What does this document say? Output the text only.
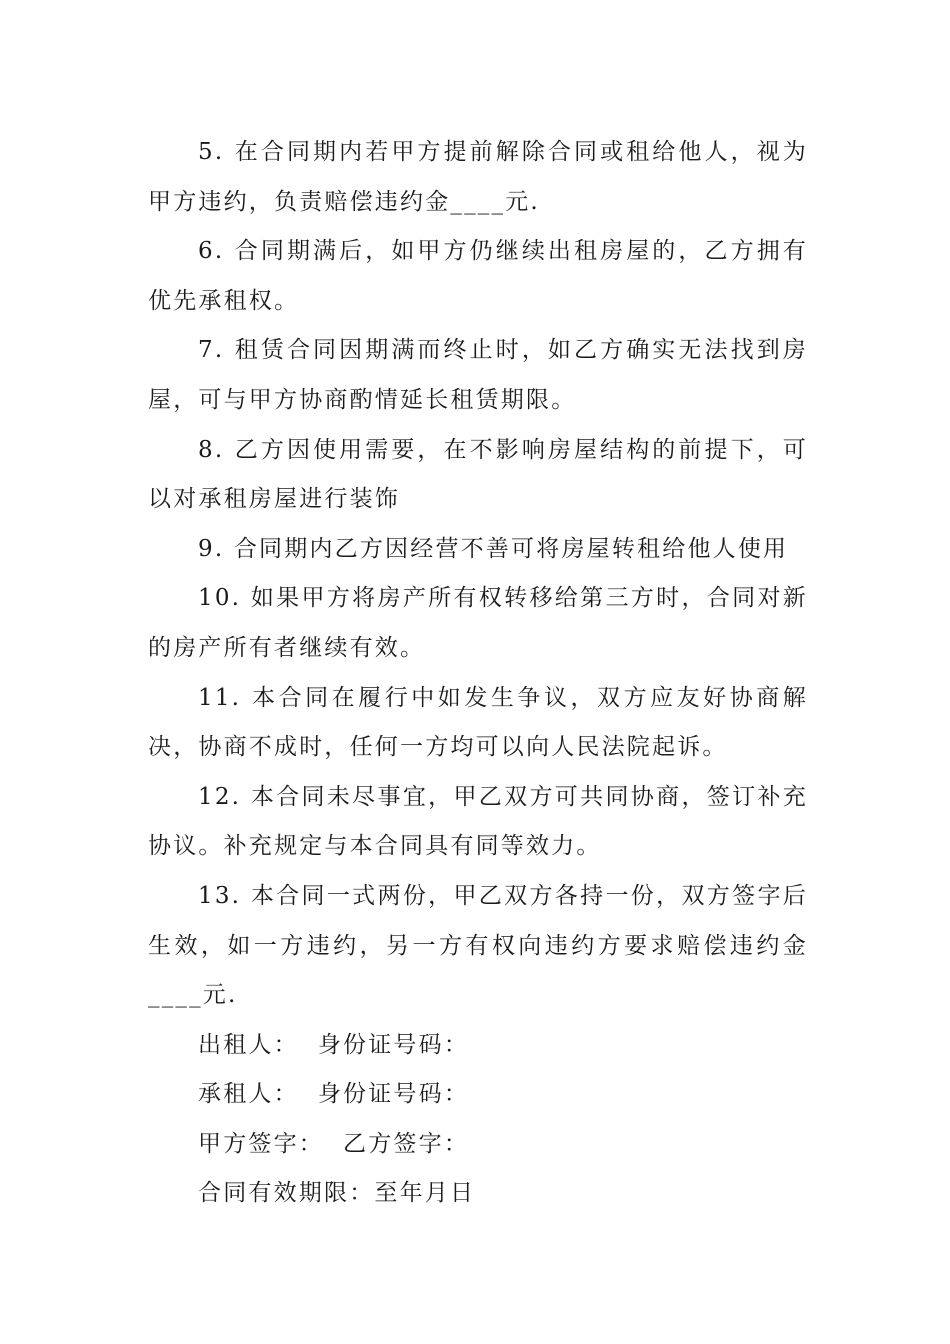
5. 在合同期内若甲方提前解除合同或租给他人，视为甲方违约，负责赔偿违约金____元.

6. 合同期满后，如甲方仍继续出租房屋的，乙方拥有优先承租权。

7. 租赁合同因期满而终止时，如乙方确实无法找到房屋，可与甲方协商酌情延长租赁期限。

8. 乙方因使用需要，在不影响房屋结构的前提下，可以对承租房屋进行装饰

9. 合同期内乙方因经营不善可将房屋转租给他人使用

10. 如果甲方将房产所有权转移给第三方时，合同对新的房产所有者继续有效。

11. 本合同在履行中如发生争议，双方应友好协商解决，协商不成时，任何一方均可以向人民法院起诉。

12. 本合同未尽事宜，甲乙双方可共同协商，签订补充协议。补充规定与本合同具有同等效力。

13. 本合同一式两份，甲乙双方各持一份，双方签字后生效，如一方违约，另一方有权向违约方要求赔偿违约金____元.

出租人：  身份证号码：

承租人：  身份证号码：

甲方签字：  乙方签字：

合同有效期限：至年月日
